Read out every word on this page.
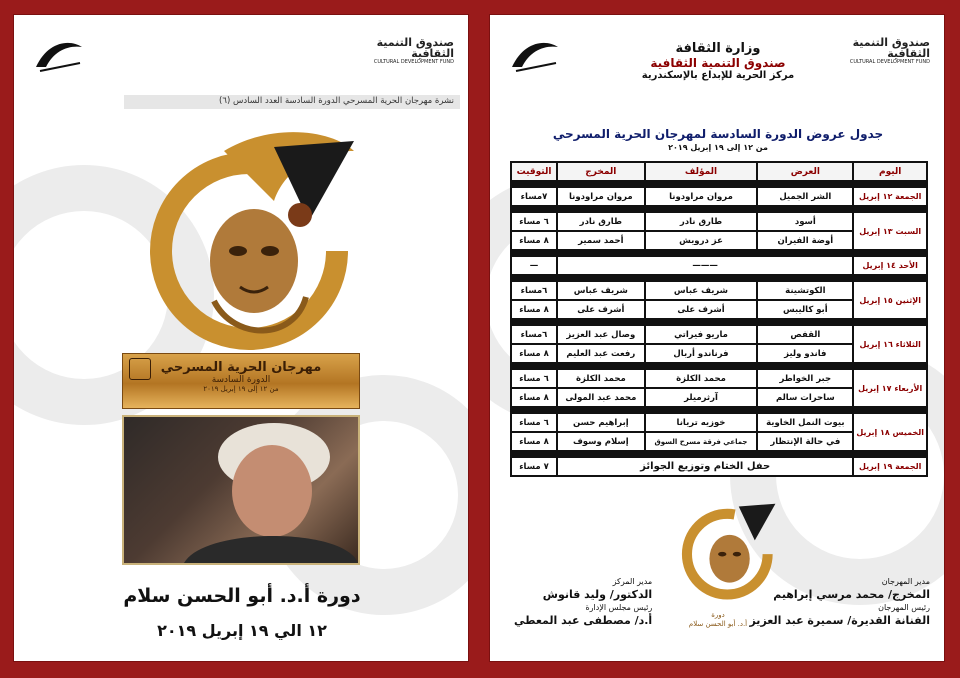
صندوق التنمية الثقافية
CULTURAL DEVELOPMENT FUND
نشرة مهرجان الحرية المسرحي الدورة السادسة العدد السادس (٦)
مهرجان الحرية المسرحي
الدورة السادسة
من ١٢ إلى ١٩ إبريل ٢٠١٩
دورة أ.د. أبو الحسن سلام
١٢ الي ١٩ إبريل ٢٠١٩
صندوق التنمية الثقافية
CULTURAL DEVELOPMENT FUND
وزارة الثقافة
صندوق التنمية الثقافية
مركز الحرية للإبداع بالإسكندرية
جدول عروض الدورة السادسة لمهرجان الحرية المسرحي
من ١٢ إلى ١٩ إبريل ٢٠١٩
اليوم	العرض	المؤلف	المخرج	التوقيت

الجمعة ١٢ إبريل	الشر الجميل	مروان مراودونا	مروان مراودونا	٧مساء

السبت ١٣ إبريل	أسود	طارق نادر	طارق نادر	٦ مساء
	أوضة الفيران	عز درويش	أحمد سمير	٨ مساء

الأحد ١٤ إبريل	———			—

الإثنين ١٥ إبريل	الكوتشينة	شريف عباس	شريف عباس	٦مساء
	أبو كاليبس	أشرف على	أشرف على	٨ مساء

الثلاثاء ١٦ إبريل	القفص	ماريو فيراتي	وصال عبد العزيز	٦مساء
	فاندو وليز	فرناندو أربال	رفعت عبد العليم	٨ مساء

الأربعاء ١٧ إبريل	جبر الخواطر	محمد الكلزة	محمد الكلزة	٦ مساء
	ساحرات سالم	آرثرميلر	محمد عبد المولى	٨ مساء

الخميس ١٨ إبريل	بيوت النمل الخاوية	خوزيه تريانا	إبراهيم حسن	٦ مساء
	في حالة الإنتظار	جماعي فرقة مسرح السوق	إسلام وسوف	٨ مساء

الجمعة ١٩ إبريل	حفل الختام وتوزيع الجوائز			٧ مساء
دورة
أ.د. أبو الحسن سلام
مدير المهرجان
المخرج/ محمد مرسي إبراهيم
رئيس المهرجان
الفنانة القديرة/ سميرة عبد العزيز
مدير المركز
الدكتور/ وليد قانوش
رئيس مجلس الإدارة
أ.د/ مصطفى عبد المعطي
